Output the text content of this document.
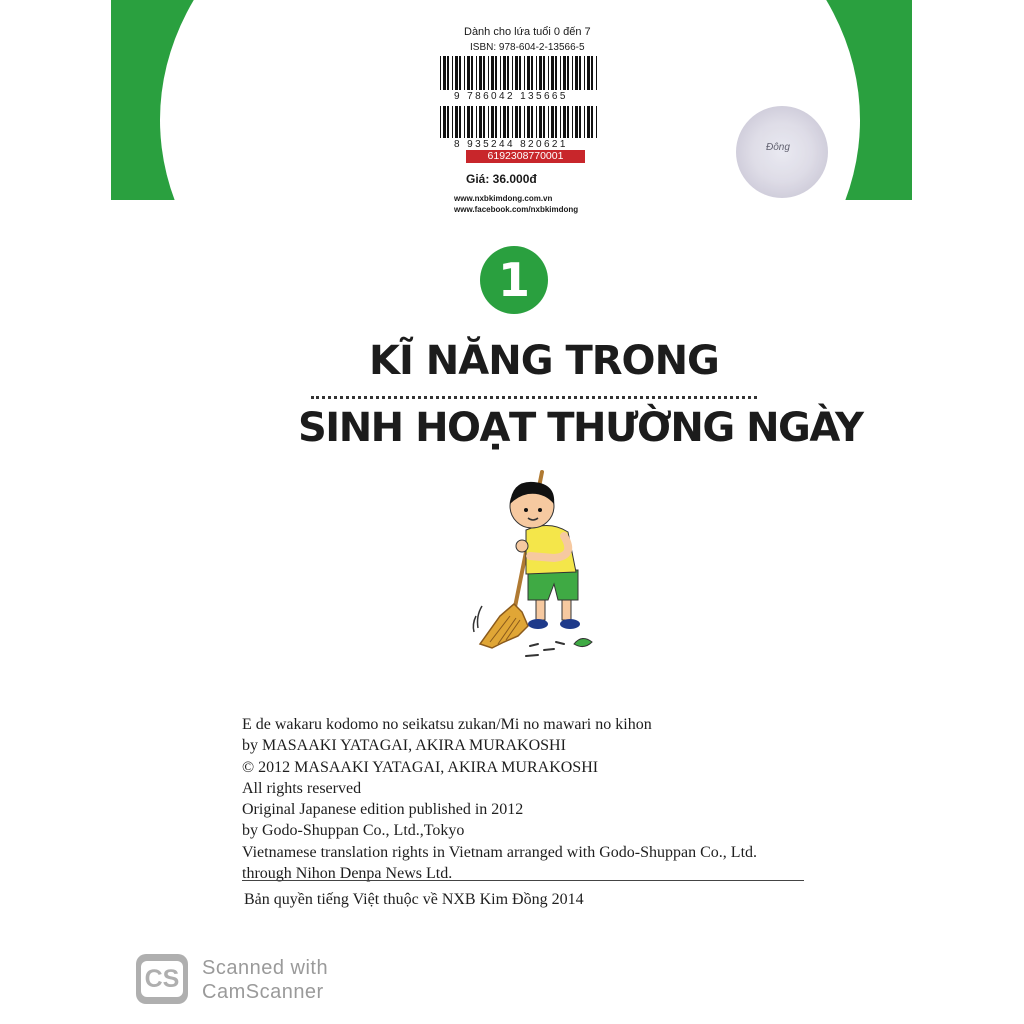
Dành cho lứa tuổi 0 đến 7
ISBN: 978-604-2-13566-5
9 786042 135665
8 935244 820621
6192308770001
Giá: 36.000đ
www.nxbkimdong.com.vn
www.facebook.com/nxbkimdong
Đông
1
KĨ NĂNG TRONG
SINH HOẠT THƯỜNG NGÀY
E de wakaru kodomo no seikatsu zukan/Mi no mawari no kihon
by MASAAKI YATAGAI, AKIRA MURAKOSHI
© 2012 MASAAKI YATAGAI, AKIRA MURAKOSHI
All rights reserved
Original Japanese edition published in 2012
by Godo-Shuppan Co., Ltd.,Tokyo
Vietnamese translation rights in Vietnam arranged with Godo-Shuppan Co., Ltd.
through Nihon Denpa News Ltd.
Bản quyền tiếng Việt thuộc về NXB Kim Đồng 2014
CS Scanned with
CamScanner
